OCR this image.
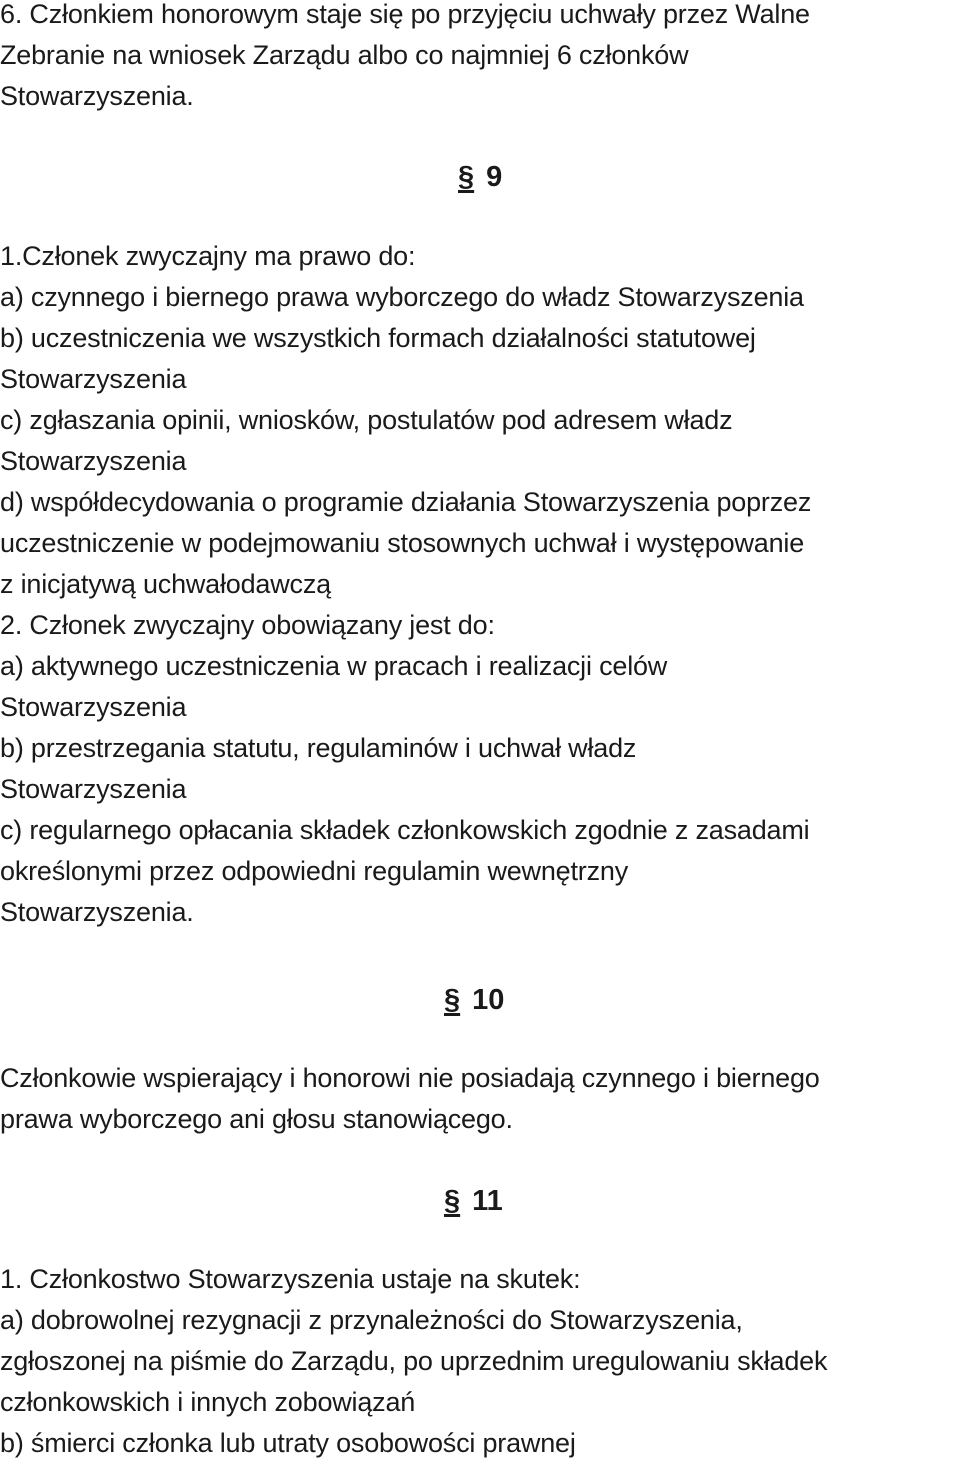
6. Członkiem honorowym staje się po przyjęciu uchwały przez Walne
Zebranie na wniosek Zarządu albo co najmniej 6 członków
Stowarzyszenia.
§ 9
1.Członek zwyczajny ma prawo do:
a) czynnego i biernego prawa wyborczego do władz Stowarzyszenia
b) uczestniczenia we wszystkich formach działalności statutowej
Stowarzyszenia
c) zgłaszania opinii, wniosków, postulatów pod adresem władz
Stowarzyszenia
d) współdecydowania o programie działania Stowarzyszenia poprzez
uczestniczenie w podejmowaniu stosownych uchwał i występowanie
z inicjatywą uchwałodawczą
2. Członek zwyczajny obowiązany jest do:
a) aktywnego uczestniczenia w pracach i realizacji celów
Stowarzyszenia
b) przestrzegania statutu, regulaminów i uchwał władz
Stowarzyszenia
c) regularnego opłacania składek członkowskich zgodnie z zasadami
określonymi przez odpowiedni regulamin wewnętrzny
Stowarzyszenia.
§ 10
Członkowie wspierający i honorowi nie posiadają czynnego i biernego
prawa wyborczego ani głosu stanowiącego.
§ 11
1. Członkostwo Stowarzyszenia ustaje na skutek:
a) dobrowolnej rezygnacji z przynależności do Stowarzyszenia,
zgłoszonej na piśmie do Zarządu, po uprzednim uregulowaniu składek
członkowskich i innych zobowiązań
b) śmierci członka lub utraty osobowości prawnej
